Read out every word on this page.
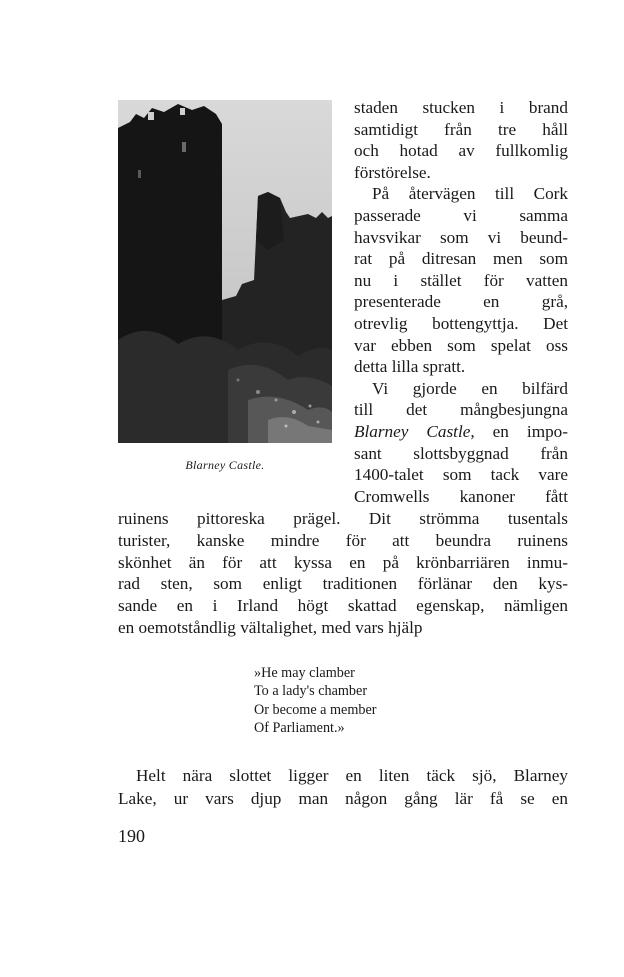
Blarney Castle.
staden stucken i brand
samtidigt från tre håll
och hotad av fullkomlig
förstörelse.
På återvägen till Cork
passerade vi samma
havsvikar som vi beund-
rat på ditresan men som
nu i stället för vatten
presenterade en grå,
otrevlig bottengyttja. Det
var ebben som spelat oss
detta lilla spratt.
Vi gjorde en bilfärd
till det mångbesjungna
Blarney Castle, en impo-
sant slottsbyggnad från
1400-talet som tack vare
Cromwells kanoner fått
ruinens pittoreska prägel. Dit strömma tusentals
turister, kanske mindre för att beundra ruinens
skönhet än för att kyssa en på krönbarriären inmu-
rad sten, som enligt traditionen förlänar den kys-
sande en i Irland högt skattad egenskap, nämligen
en oemotståndlig vältalighet, med vars hjälp
»He may clamber
To a lady's chamber
Or become a member
Of Parliament.»
Helt nära slottet ligger en liten täck sjö, Blarney
Lake, ur vars djup man någon gång lär få se en
190
